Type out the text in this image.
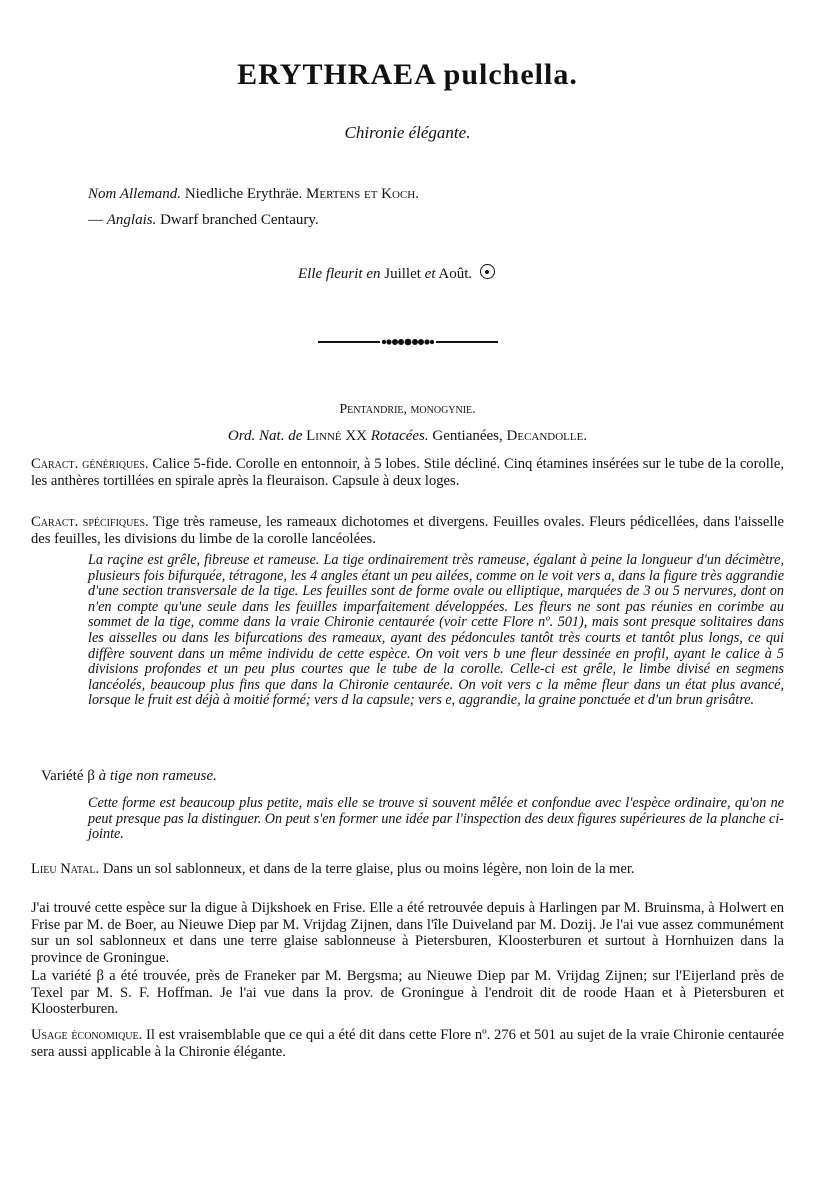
ERYTHRAEA pulchella.
Chironie élégante.
Nom Allemand. Niedliche Erythräe. Mertens et Koch.
— Anglais. Dwarf branched Centaury.
Elle fleurit en Juillet et Août.
Pentandrie, monogynie.
Ord. Nat. de Linné XX Rotacées. Gentianées, Decandolle.
Caract. génériques. Calice 5-fide. Corolle en entonnoir, à 5 lobes. Stile décliné. Cinq étamines insérées sur le tube de la corolle, les anthères tortillées en spirale après la fleuraison. Capsule à deux loges.
Caract. spécifiques. Tige très rameuse, les rameaux dichotomes et divergens. Feuilles ovales. Fleurs pédicellées, dans l'aisselle des feuilles, les divisions du limbe de la corolle lancéolées.
La raçine est grêle, fibreuse et rameuse. La tige ordinairement très rameuse, égalant à peine la longueur d'un décimètre, plusieurs fois bifurquée, tétragone, les 4 angles étant un peu ailées, comme on le voit vers a, dans la figure très aggrandie d'une section transversale de la tige. Les feuilles sont de forme ovale ou elliptique, marquées de 3 ou 5 nervures, dont on n'en compte qu'une seule dans les feuilles imparfaitement développées. Les fleurs ne sont pas réunies en corimbe au sommet de la tige, comme dans la vraie Chironie centaurée (voir cette Flore nº. 501), mais sont presque solitaires dans les aisselles ou dans les bifurcations des rameaux, ayant des pédoncules tantôt très courts et tantôt plus longs, ce qui diffère souvent dans un même individu de cette espèce. On voit vers b une fleur dessinée en profil, ayant le calice à 5 divisions profondes et un peu plus courtes que le tube de la corolle. Celle-ci est grêle, le limbe divisé en segmens lancéolés, beaucoup plus fins que dans la Chironie centaurée. On voit vers c la même fleur dans un état plus avancé, lorsque le fruit est déjà à moitié formé; vers d la capsule; vers e, aggrandie, la graine ponctuée et d'un brun grisâtre.
Variété β à tige non rameuse.
Cette forme est beaucoup plus petite, mais elle se trouve si souvent mêlée et confondue avec l'espèce ordinaire, qu'on ne peut presque pas la distinguer. On peut s'en former une idée par l'inspection des deux figures supérieures de la planche ci-jointe.
Lieu Natal. Dans un sol sablonneux, et dans de la terre glaise, plus ou moins légère, non loin de la mer.
J'ai trouvé cette espèce sur la digue à Dijkshoek en Frise. Elle a été retrouvée depuis à Harlingen par M. Bruinsma, à Holwert en Frise par M. de Boer, au Nieuwe Diep par M. Vrijdag Zijnen, dans l'île Duiveland par M. Dozij. Je l'ai vue assez communément sur un sol sablonneux et dans une terre glaise sablonneuse à Pietersburen, Kloosterburen et surtout à Hornhuizen dans la province de Groningue.
La variété β a été trouvée, près de Franeker par M. Bergsma; au Nieuwe Diep par M. Vrijdag Zijnen; sur l'Eijerland près de Texel par M. S. F. Hoffman. Je l'ai vue dans la prov. de Groningue à l'endroit dit de roode Haan et à Pietersburen et Kloosterburen.
Usage économique. Il est vraisemblable que ce qui a été dit dans cette Flore nº. 276 et 501 au sujet de la vraie Chironie centaurée sera aussi applicable à la Chironie élégante.
